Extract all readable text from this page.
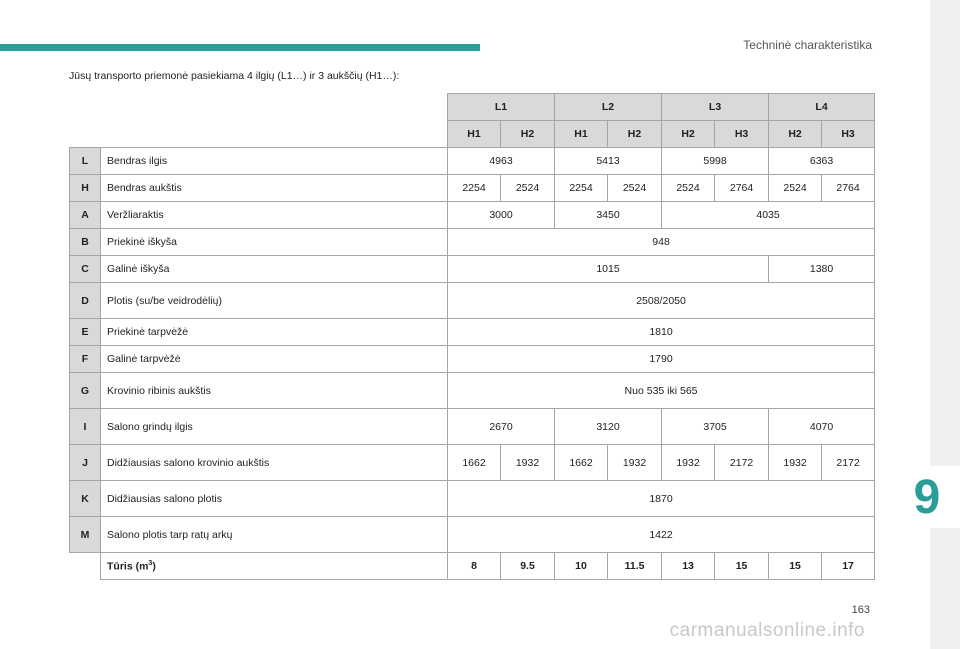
Techninė charakteristika
Jūsų transporto priemonė pasiekiama 4 ilgių (L1…) ir 3 aukščių (H1…):
		L1		L2		L3		L4	
		H1	H2	H1	H2	H2	H3	H2	H3
L	Bendras ilgis	4963		5413		5998		6363	
H	Bendras aukštis	2254	2524	2254	2524	2524	2764	2524	2764
A	Veržliaraktis	3000		3450		4035			
B	Priekinė iškyša	948							
C	Galinė iškyša	1015						1380	
D	Plotis (su/be veidrodėlių)	2508/2050							
E	Priekinė tarpvėžė	1810							
F	Galinė tarpvėžė	1790							
G	Krovinio ribinis aukštis	Nuo 535 iki 565							
I	Salono grindų ilgis	2670		3120		3705		4070	
J	Didžiausias salono krovinio aukštis	1662	1932	1662	1932	1932	2172	1932	2172
K	Didžiausias salono plotis	1870							
M	Salono plotis tarp ratų arkų	1422							
	Tūris $(m^3)$	8	9.5	10	11.5	13	15	15	17
9
163
carmanualsonline.info
